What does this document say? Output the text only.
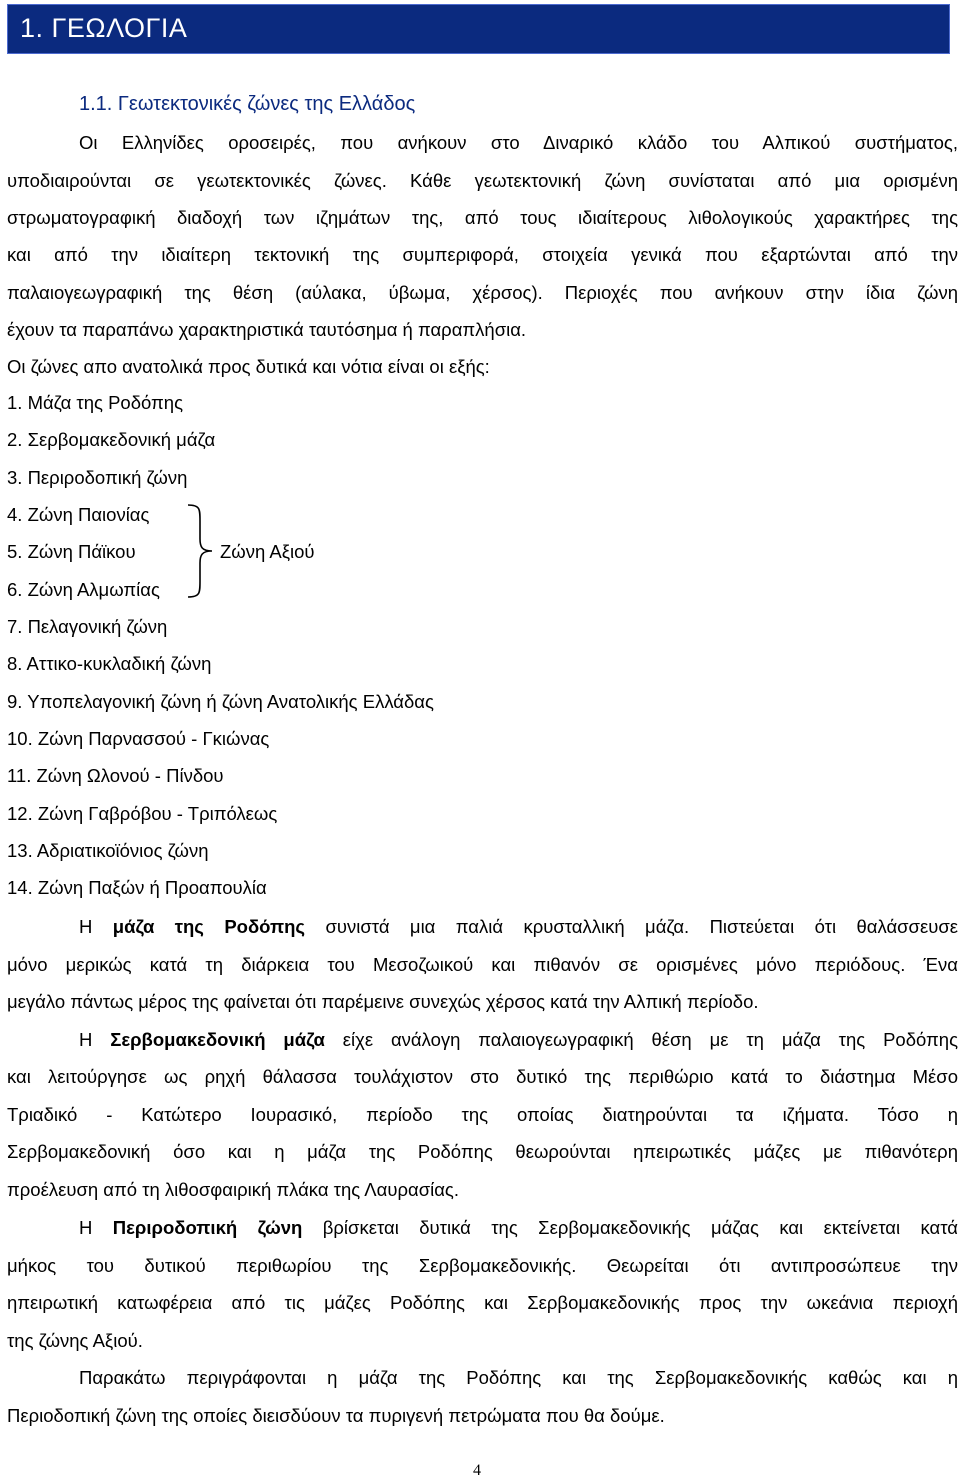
1. ΓΕΩΛΟΓΙΑ
1.1. Γεωτεκτονικές ζώνες της Ελλάδος
Οι Ελληνίδες οροσειρές, που ανήκουν στο Διναρικό κλάδο του Αλπικού συστήματος,
υποδιαιρούνται σε γεωτεκτονικές ζώνες. Κάθε γεωτεκτονική ζώνη συνίσταται από μια ορισμένη
στρωματογραφική διαδοχή των ιζημάτων της, από τους ιδιαίτερους λιθολογικούς χαρακτήρες της
και από την ιδιαίτερη τεκτονική της συμπεριφορά, στοιχεία γενικά που εξαρτώνται από την
παλαιογεωγραφική της θέση (αύλακα, ύβωμα, χέρσος). Περιοχές που ανήκουν στην ίδια ζώνη
έχουν τα παραπάνω χαρακτηριστικά ταυτόσημα ή παραπλήσια.
Οι ζώνες απο ανατολικά προς δυτικά και νότια είναι οι εξής:
1. Μάζα της Ροδόπης
2. Σερβομακεδονική μάζα
3. Περιροδοπική ζώνη
4. Ζώνη Παιονίας
5. Ζώνη Πάϊκου
6. Ζώνη Αλμωπίας
7. Πελαγονική ζώνη
8. Αττικο-κυκλαδική ζώνη
9. Υποπελαγονική ζώνη ή ζώνη Ανατολικής Ελλάδας
10. Ζώνη Παρνασσού - Γκιώνας
11. Ζώνη Ωλονού - Πίνδου
12. Ζώνη Γαβρόβου - Τριπόλεως
13. Αδριατικοϊόνιος ζώνη
14. Ζώνη Παξών ή Προαπουλία
Ζώνη Αξιού
Η μάζα της Ροδόπης συνιστά μια παλιά κρυσταλλική μάζα. Πιστεύεται ότι θαλάσσευσε
μόνο μερικώς κατά τη διάρκεια του Μεσοζωικού και πιθανόν σε ορισμένες μόνο περιόδους. Ένα
μεγάλο πάντως μέρος της φαίνεται ότι παρέμεινε συνεχώς χέρσος κατά την Αλπική περίοδο.
Η Σερβομακεδονική μάζα είχε ανάλογη παλαιογεωγραφική θέση με τη μάζα της Ροδόπης
και λειτούργησε ως ρηχή θάλασσα τουλάχιστον στο δυτικό της περιθώριο κατά το διάστημα Μέσο
Τριαδικό - Κατώτερο Ιουρασικό, περίοδο της οποίας διατηρούνται τα ιζήματα. Τόσο η
Σερβομακεδονική όσο και η μάζα της Ροδόπης θεωρούνται ηπειρωτικές μάζες με πιθανότερη
προέλευση από τη λιθοσφαιρική πλάκα της Λαυρασίας.
Η Περιροδοπική ζώνη βρίσκεται δυτικά της Σερβομακεδονικής μάζας και εκτείνεται κατά
μήκος του δυτικού περιθωρίου της Σερβομακεδονικής. Θεωρείται ότι αντιπροσώπευε την
ηπειρωτική κατωφέρεια από τις μάζες Ροδόπης και Σερβομακεδονικής προς την ωκεάνια περιοχή
της ζώνης Αξιού.
Παρακάτω περιγράφονται η μάζα της Ροδόπης και της Σερβομακεδονικής καθώς και η
Περιοδοπική ζώνη της οποίες διεισδύουν τα πυριγενή πετρώματα που θα δούμε.
4
